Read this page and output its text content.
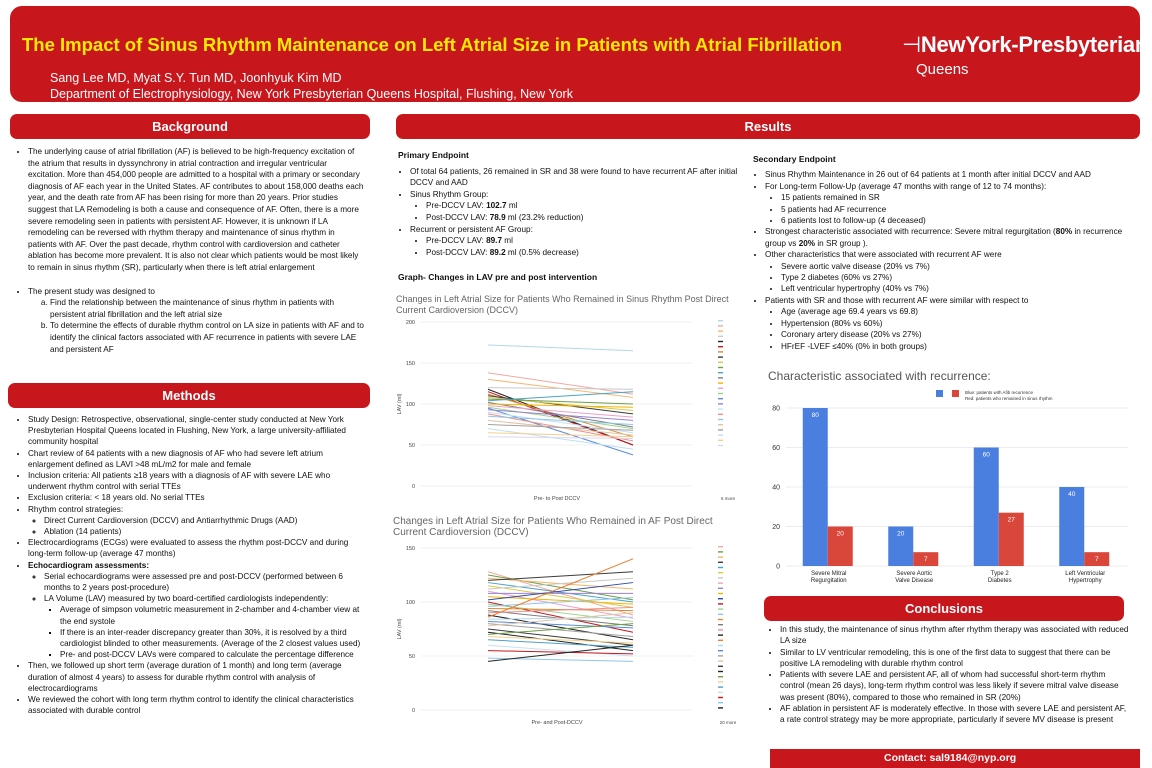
The Impact of Sinus Rhythm Maintenance on Left Atrial Size in Patients with Atrial Fibrillation
Sang Lee MD, Myat S.Y. Tun MD, Joonhyuk Kim MD
Department of Electrophysiology, New York Presbyterian Queens Hospital, Flushing, New York
⊣NewYork-Presbyterian
Queens
Background
• The underlying cause of atrial fibrillation (AF) is believed to be high-frequency excitation of the atrium that results in dyssynchrony in atrial contraction and irregular ventricular excitation. More than 454,000 people are admitted to a hospital with a primary or secondary diagnosis of AF each year in the United States. AF contributes to about 158,000 deaths each year, and the death rate from AF has been rising for more than 20 years. Prior studies suggest that LA Remodeling is both a cause and consequence of AF. Often, there is a more severe remodeling seen in patients with persistent AF. However, it is unknown if LA remodeling can be reversed with rhythm therapy and maintenance of sinus rhythm in patients with AF. Over the past decade, rhythm control with cardioversion and catheter ablation has become more prevalent. It is also not clear which patients would be most likely to remain in sinus rhythm (SR), particularly when there is left atrial enlargement
• The present study was designed to
a. Find the relationship between the maintenance of sinus rhythm in patients with persistent atrial fibrillation and the left atrial size
b. To determine the effects of durable rhythm control on LA size in patients with AF and to identify the clinical factors associated with AF recurrence in patients with severe LAE and persistent AF
Methods
• Study Design: Retrospective, observational, single-center study conducted at New York Presbyterian Hospital Queens located in Flushing, New York, a large university-affiliated community hospital
• Chart review of 64 patients with a new diagnosis of AF who had severe left atrium enlargement defined as LAVI >48 mL/m2 for male and female
• Inclusion criteria: All patients ≥18 years with a diagnosis of AF with severe LAE who underwent rhythm control with serial TTEs
• Exclusion criteria: < 18 years old. No serial TTEs
• Rhythm control strategies:
◦ Direct Current Cardioversion (DCCV) and Antiarrhythmic Drugs (AAD)
◦ Ablation (14 patients)
• Electrocardiograms (ECGs) were evaluated to assess the rhythm post-DCCV and during long-term follow-up (average 47 months)
• Echocardiogram assessments:
◦ Serial echocardiograms were assessed pre and post-DCCV (performed between 6 months to 2 years post-procedure)
◦ LA Volume (LAV) measured by two board-certified cardiologists independently:
▪ Average of simpson volumetric measurement in 2-chamber and 4-chamber view at the end systole
▪ If there is an inter-reader discrepancy greater than 30%, it is resolved by a third cardiologist blinded to other measurements. (Average of the 2 closest values used)
▪ Pre- and post-DCCV LAVs were compared to calculate the percentage difference
• Then, we followed up short term (average duration of 1 month) and long term (average duration of almost 4 years) to assess for durable rhythm control with analysis of electrocardiograms
• We reviewed the cohort with long term rhythm control to identify the clinical characteristics associated with durable control
Results
Primary Endpoint
• Of total 64 patients, 26 remained in SR and 38 were found to have recurrent AF after initial DCCV and AAD
• Sinus Rhythm Group:
• Pre-DCCV LAV: 102.7 ml
• Post-DCCV LAV: 78.9 ml (23.2% reduction)
• Recurrent or persistent AF Group:
• Pre-DCCV LAV: 89.7 ml
• Post-DCCV LAV: 89.2 ml (0.5% decrease)
Graph- Changes in LAV pre and post intervention
Changes in Left Atrial Size for Patients Who Remained in Sinus Rhythm Post Direct Current Cardioversion (DCCV)
0
50
100
150
200
Pre- to Post DCCV
LAV (ml)
6 more
Changes in Left Atrial Size for Patients Who Remained in AF Post Direct Current Cardioversion (DCCV)
0
50
100
150
Pre- and Post-DCCV
LAV (ml)
20 more
Secondary Endpoint
• Sinus Rhythm Maintenance in 26 out of 64 patients at 1 month after initial DCCV and AAD
• For Long-term Follow-Up (average 47 months with range of 12 to 74 months):
• 15 patients remained in SR
• 5 patients had AF recurrence
• 6 patients lost to follow-up (4 deceased)
• Strongest characteristic associated with recurrence: Severe mitral regurgitation (80% in recurrence group vs 20% in SR group ).
• Other characteristics that were associated with recurrent AF were
• Severe aortic valve disease (20% vs 7%)
• Type 2 diabetes (60% vs 27%)
• Left ventricular hypertrophy (40% vs 7%)
• Patients with SR and those with recurrent AF were similar with respect to
• Age (average age 69.4 years vs 69.8)
• Hypertension (80% vs 60%)
• Coronary artery disease (20% vs 27%)
• HFrEF -LVEF ≤40% (0% in both groups)
Characteristic associated with recurrence:
0
20
40
60
80
Blue: patients with Afib recurrence
Red: patients who remained in sinus rhythm
80
20
Severe Mitral
Regurgitation
20
7
Severe Aortic
Valve Disease
60
27
Type 2
Diabetes
40
7
Left Ventricular
Hypertrophy
Conclusions
• In this study, the maintenance of sinus rhythm after rhythm therapy was associated with reduced LA size
• Similar to LV ventricular remodeling, this is one of the first data to suggest that there can be positive LA remodeling with durable rhythm control
• Patients with severe LAE and persistent AF, all of whom had successful short-term rhythm control (mean 26 days), long-term rhythm control was less likely if severe mitral valve disease was present (80%), compared to those who remained in SR (20%)
• AF ablation in persistent AF is moderately effective. In those with severe LAE and persistent AF, a rate control strategy may be more appropriate, particularly if severe MV disease is present
Contact: sal9184@nyp.org
